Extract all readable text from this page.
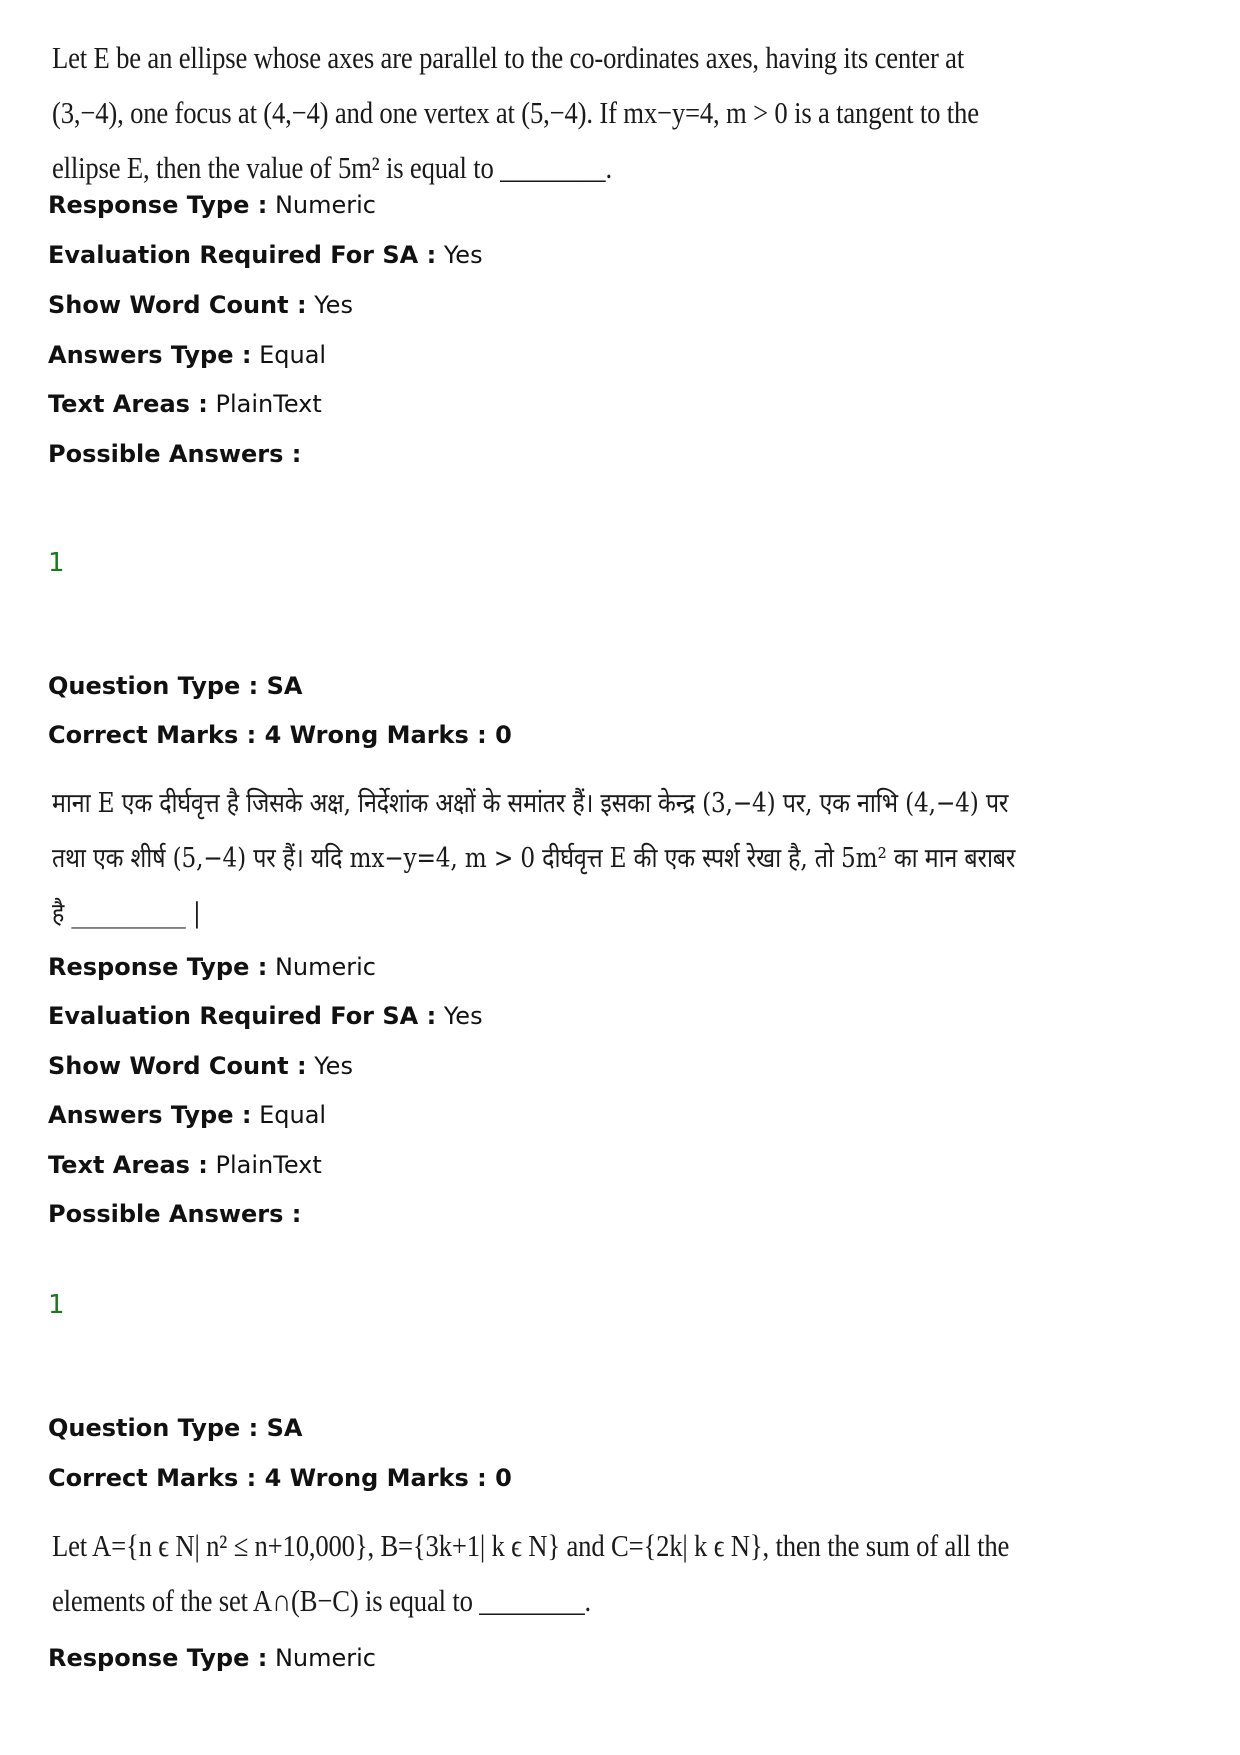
Let E be an ellipse whose axes are parallel to the co-ordinates axes, having its center at
(3,−4), one focus at (4,−4) and one vertex at (5,−4). If mx−y=4, m > 0 is a tangent to the
ellipse E, then the value of 5m² is equal to ________.
Response Type : Numeric
Evaluation Required For SA : Yes
Show Word Count : Yes
Answers Type : Equal
Text Areas : PlainText
Possible Answers :
1
Question Type : SA
Correct Marks : 4 Wrong Marks : 0
माना E एक दीर्घवृत्त है जिसके अक्ष, निर्देशांक अक्षों के समांतर हैं। इसका केन्द्र (3,−4) पर, एक नाभि (4,−4) पर
तथा एक शीर्ष (5,−4) पर हैं। यदि mx−y=4, m > 0 दीर्घवृत्त E की एक स्पर्श रेखा है, तो 5m² का मान बराबर
है __________ |
Response Type : Numeric
Evaluation Required For SA : Yes
Show Word Count : Yes
Answers Type : Equal
Text Areas : PlainText
Possible Answers :
1
Question Type : SA
Correct Marks : 4 Wrong Marks : 0
Let A={n ϵ N| n² ≤ n+10,000}, B={3k+1| k ϵ N} and C={2k| k ϵ N}, then the sum of all the
elements of the set A∩(B−C) is equal to ________.
Response Type : Numeric
